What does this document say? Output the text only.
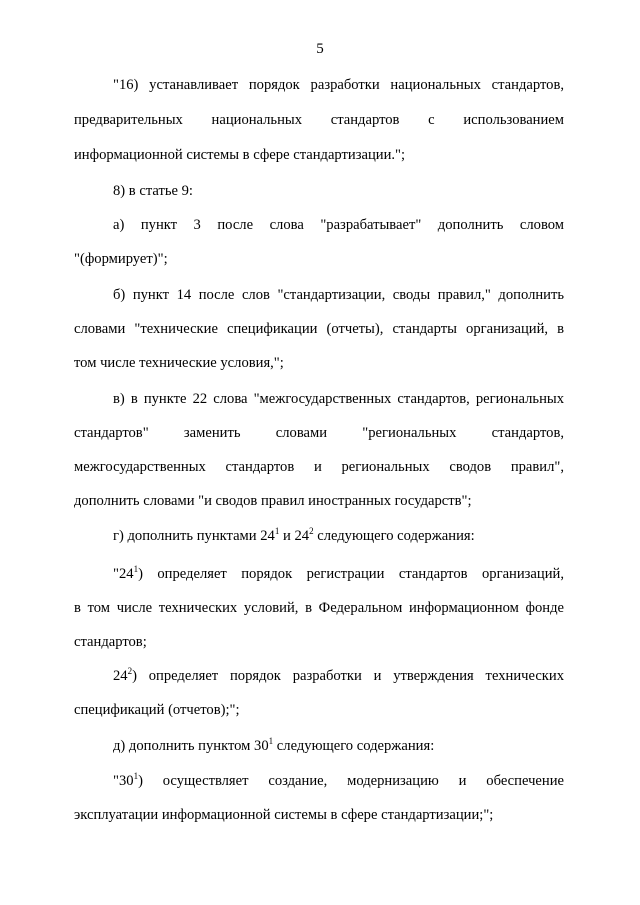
5
"16) устанавливает порядок разработки национальных стандартов,
предварительных национальных стандартов с использованием
информационной системы в сфере стандартизации.";
8) в статье 9:
а) пункт 3 после слова "разрабатывает" дополнить словом
"(формирует)";
б) пункт 14 после слов "стандартизации, своды правил," дополнить
словами "технические спецификации (отчеты), стандарты организаций, в
том числе технические условия,";
в) в пункте 22 слова "межгосударственных стандартов, региональных
стандартов" заменить словами "региональных стандартов,
межгосударственных стандартов и региональных сводов правил",
дополнить словами "и сводов правил иностранных государств";
г) дополнить пунктами $24^1$ и $24^2$ следующего содержания:
"$24^1$) определяет порядок регистрации стандартов организаций,
в том числе технических условий, в Федеральном информационном фонде
стандартов;
$24^2$) определяет порядок разработки и утверждения технических
спецификаций (отчетов);";
д) дополнить пунктом $30^1$ следующего содержания:
"$30^1$) осуществляет создание, модернизацию и обеспечение
эксплуатации информационной системы в сфере стандартизации;";
